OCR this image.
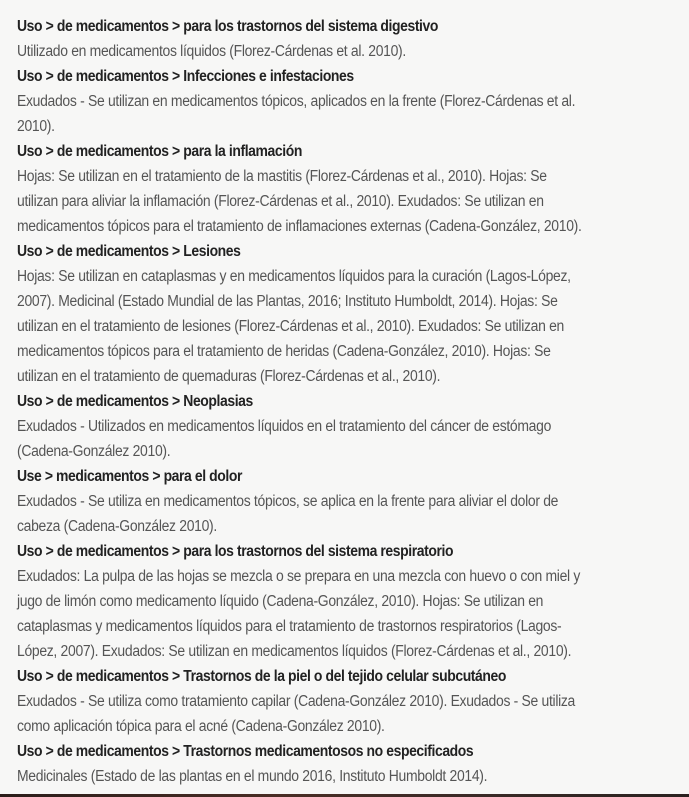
Uso > de medicamentos > para los trastornos del sistema digestivo
Utilizado en medicamentos líquidos (Florez-Cárdenas et al. 2010).
Uso > de medicamentos > Infecciones e infestaciones
Exudados - Se utilizan en medicamentos tópicos, aplicados en la frente (Florez-Cárdenas et al.
2010).
Uso > de medicamentos > para la inflamación
Hojas: Se utilizan en el tratamiento de la mastitis (Florez-Cárdenas et al., 2010). Hojas: Se
utilizan para aliviar la inflamación (Florez-Cárdenas et al., 2010). Exudados: Se utilizan en
medicamentos tópicos para el tratamiento de inflamaciones externas (Cadena-González, 2010).
Uso > de medicamentos > Lesiones
Hojas: Se utilizan en cataplasmas y en medicamentos líquidos para la curación (Lagos-López,
2007). Medicinal (Estado Mundial de las Plantas, 2016; Instituto Humboldt, 2014). Hojas: Se
utilizan en el tratamiento de lesiones (Florez-Cárdenas et al., 2010). Exudados: Se utilizan en
medicamentos tópicos para el tratamiento de heridas (Cadena-González, 2010). Hojas: Se
utilizan en el tratamiento de quemaduras (Florez-Cárdenas et al., 2010).
Uso > de medicamentos > Neoplasias
Exudados - Utilizados en medicamentos líquidos en el tratamiento del cáncer de estómago
(Cadena-González 2010).
Use > medicamentos > para el dolor
Exudados - Se utiliza en medicamentos tópicos, se aplica en la frente para aliviar el dolor de
cabeza (Cadena-González 2010).
Uso > de medicamentos > para los trastornos del sistema respiratorio
Exudados: La pulpa de las hojas se mezcla o se prepara en una mezcla con huevo o con miel y
jugo de limón como medicamento líquido (Cadena-González, 2010). Hojas: Se utilizan en
cataplasmas y medicamentos líquidos para el tratamiento de trastornos respiratorios (Lagos-
López, 2007). Exudados: Se utilizan en medicamentos líquidos (Florez-Cárdenas et al., 2010).
Uso > de medicamentos > Trastornos de la piel o del tejido celular subcutáneo
Exudados - Se utiliza como tratamiento capilar (Cadena-González 2010). Exudados - Se utiliza
como aplicación tópica para el acné (Cadena-González 2010).
Uso > de medicamentos > Trastornos medicamentosos no especificados
Medicinales (Estado de las plantas en el mundo 2016, Instituto Humboldt 2014).
